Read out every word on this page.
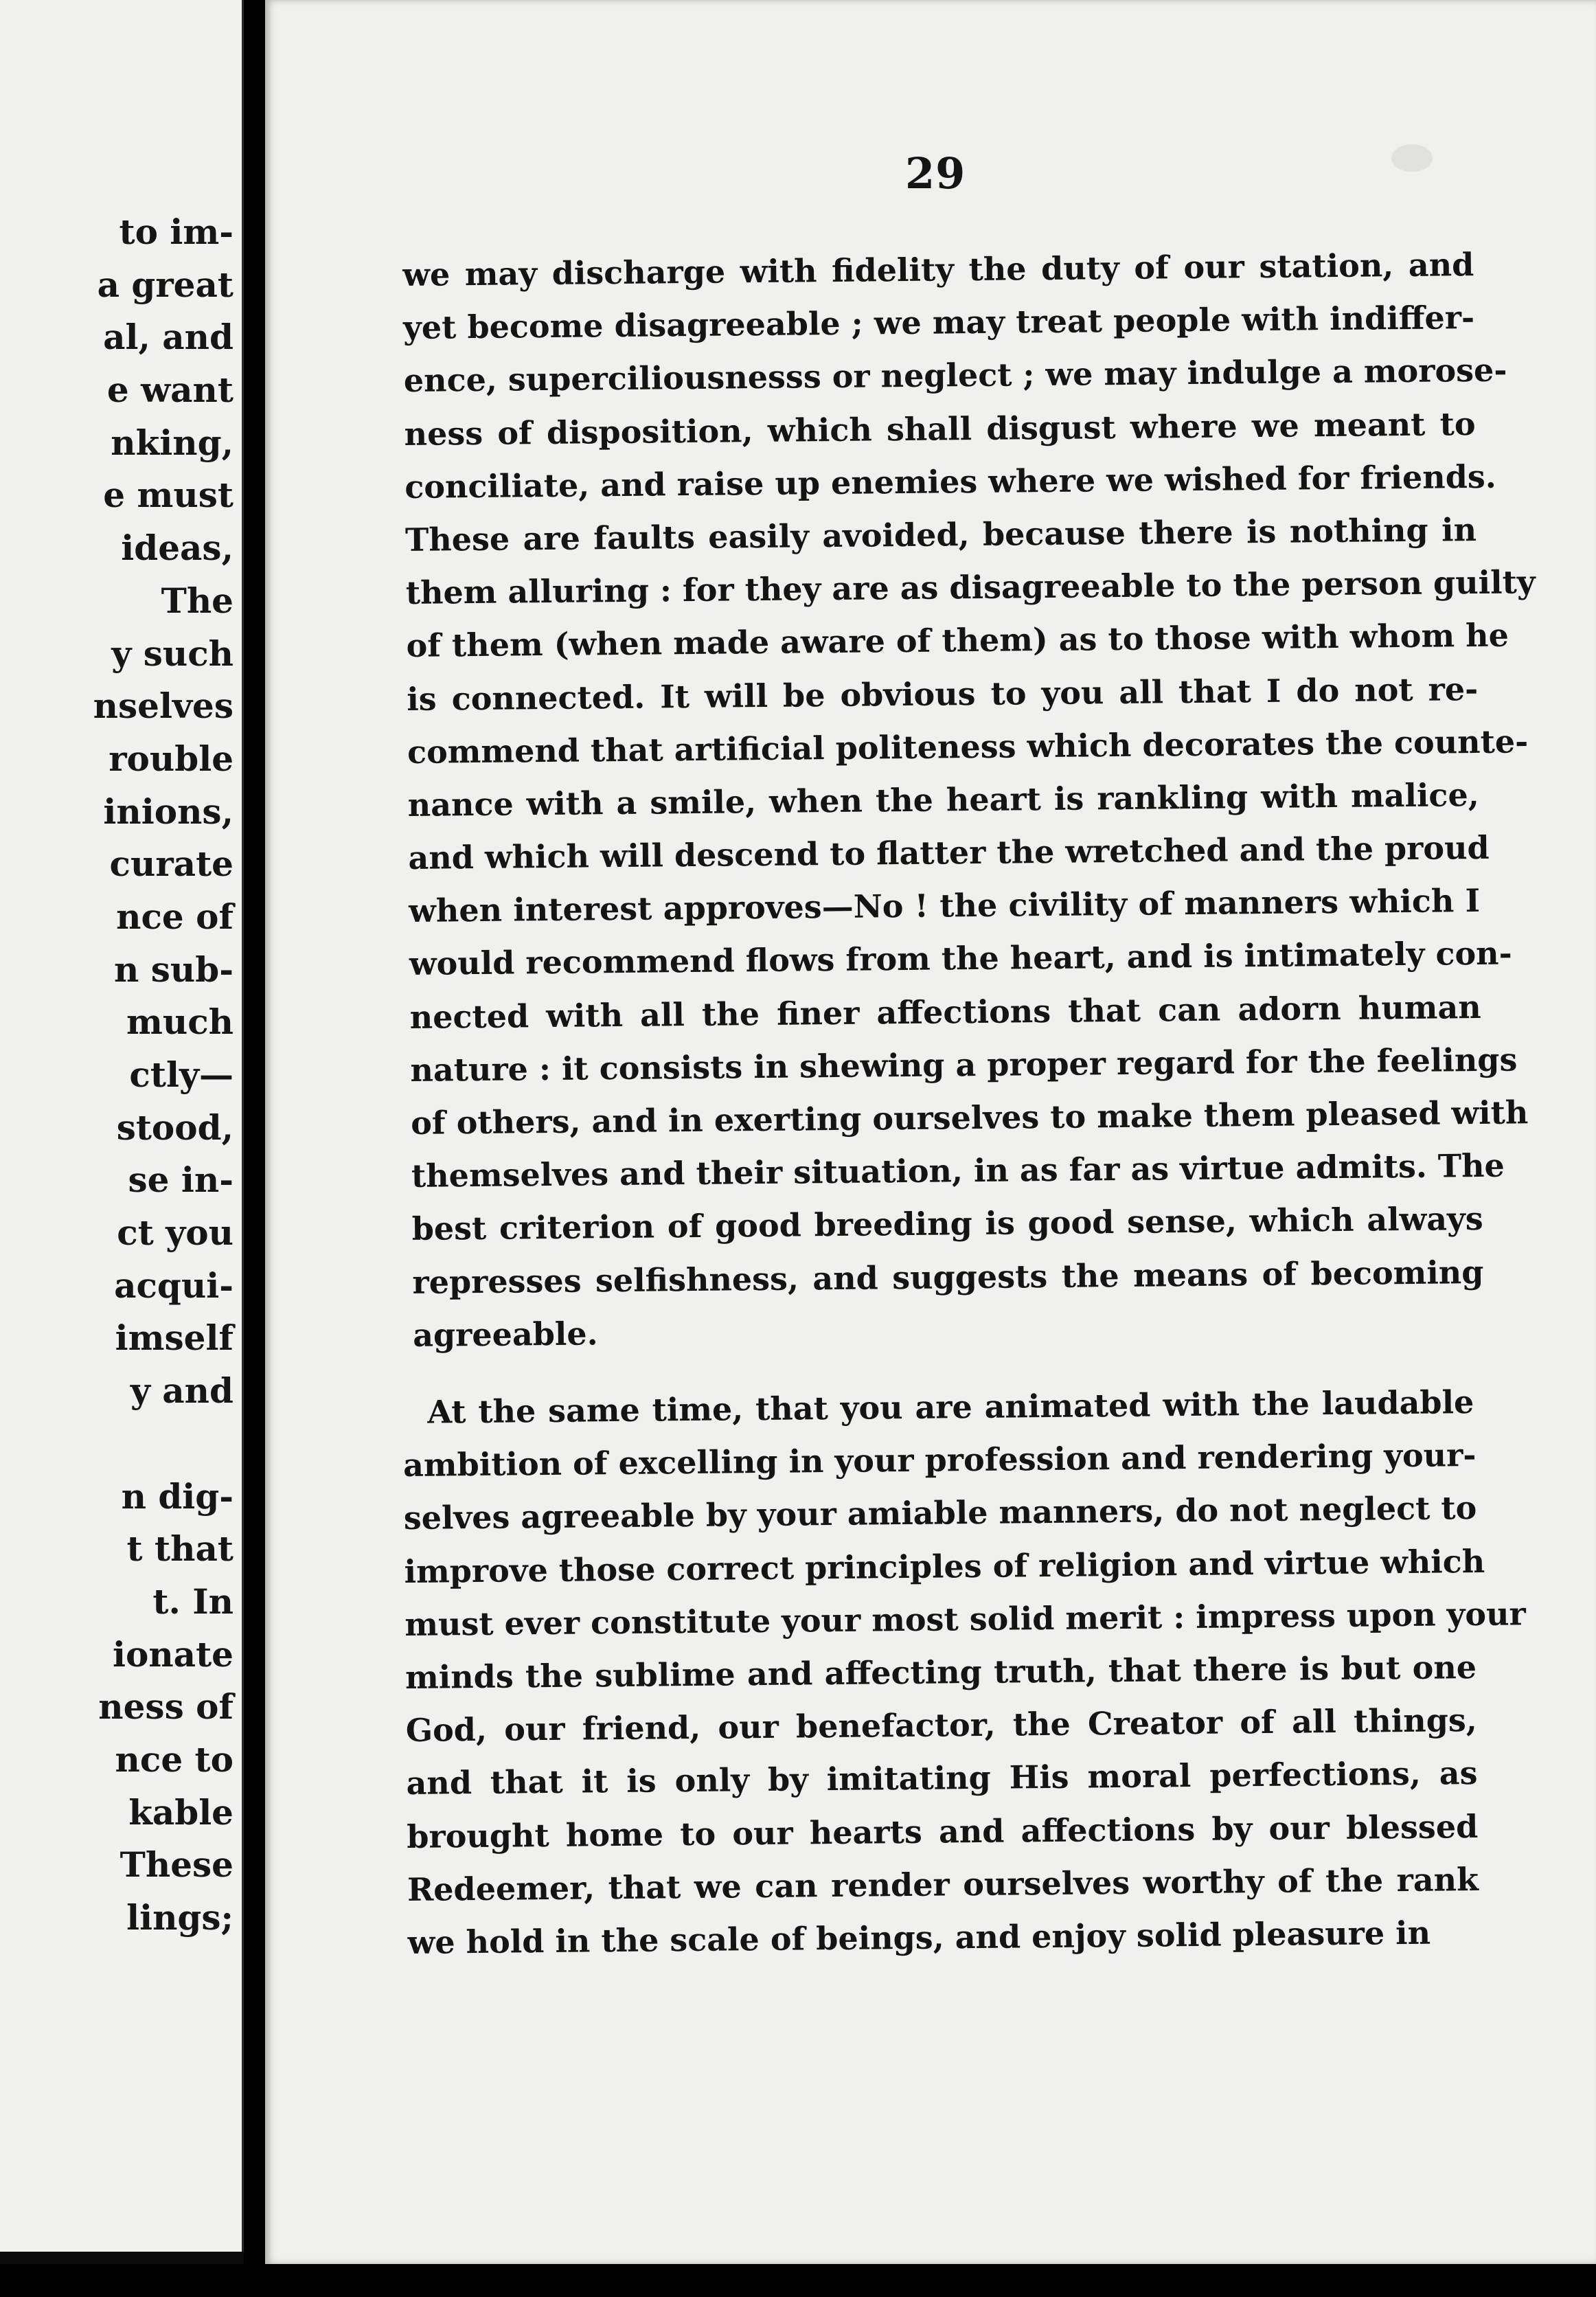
to im-
a great
al, and
e want
nking,
e must
ideas,
The
y such
nselves
rouble
inions,
curate
nce of
n sub-
much
ctly—
stood,
se in-
ct you
acqui-
imself
y and
n dig-
t that
t. In
ionate
ness of
nce to
kable
These
lings;
29
we may discharge with fidelity the duty of our station, and
yet become disagreeable ; we may treat people with indiffer-
ence, superciliousnesss or neglect ; we may indulge a morose-
ness of disposition, which shall disgust where we meant to
conciliate, and raise up enemies where we wished for friends.
These are faults easily avoided, because there is nothing in
them alluring : for they are as disagreeable to the person guilty
of them (when made aware of them) as to those with whom he
is connected. It will be obvious to you all that I do not re-
commend that artificial politeness which decorates the counte-
nance with a smile, when the heart is rankling with malice,
and which will descend to flatter the wretched and the proud
when interest approves—No ! the civility of manners which I
would recommend flows from the heart, and is intimately con-
nected with all the finer affections that can adorn human
nature : it consists in shewing a proper regard for the feelings
of others, and in exerting ourselves to make them pleased with
themselves and their situation, in as far as virtue admits. The
best criterion of good breeding is good sense, which always
represses selfishness, and suggests the means of becoming
agreeable.
At the same time, that you are animated with the laudable
ambition of excelling in your profession and rendering your-
selves agreeable by your amiable manners, do not neglect to
improve those correct principles of religion and virtue which
must ever constitute your most solid merit : impress upon your
minds the sublime and affecting truth, that there is but one
God, our friend, our benefactor, the Creator of all things,
and that it is only by imitating His moral perfections, as
brought home to our hearts and affections by our blessed
Redeemer, that we can render ourselves worthy of the rank
we hold in the scale of beings, and enjoy solid pleasure in
